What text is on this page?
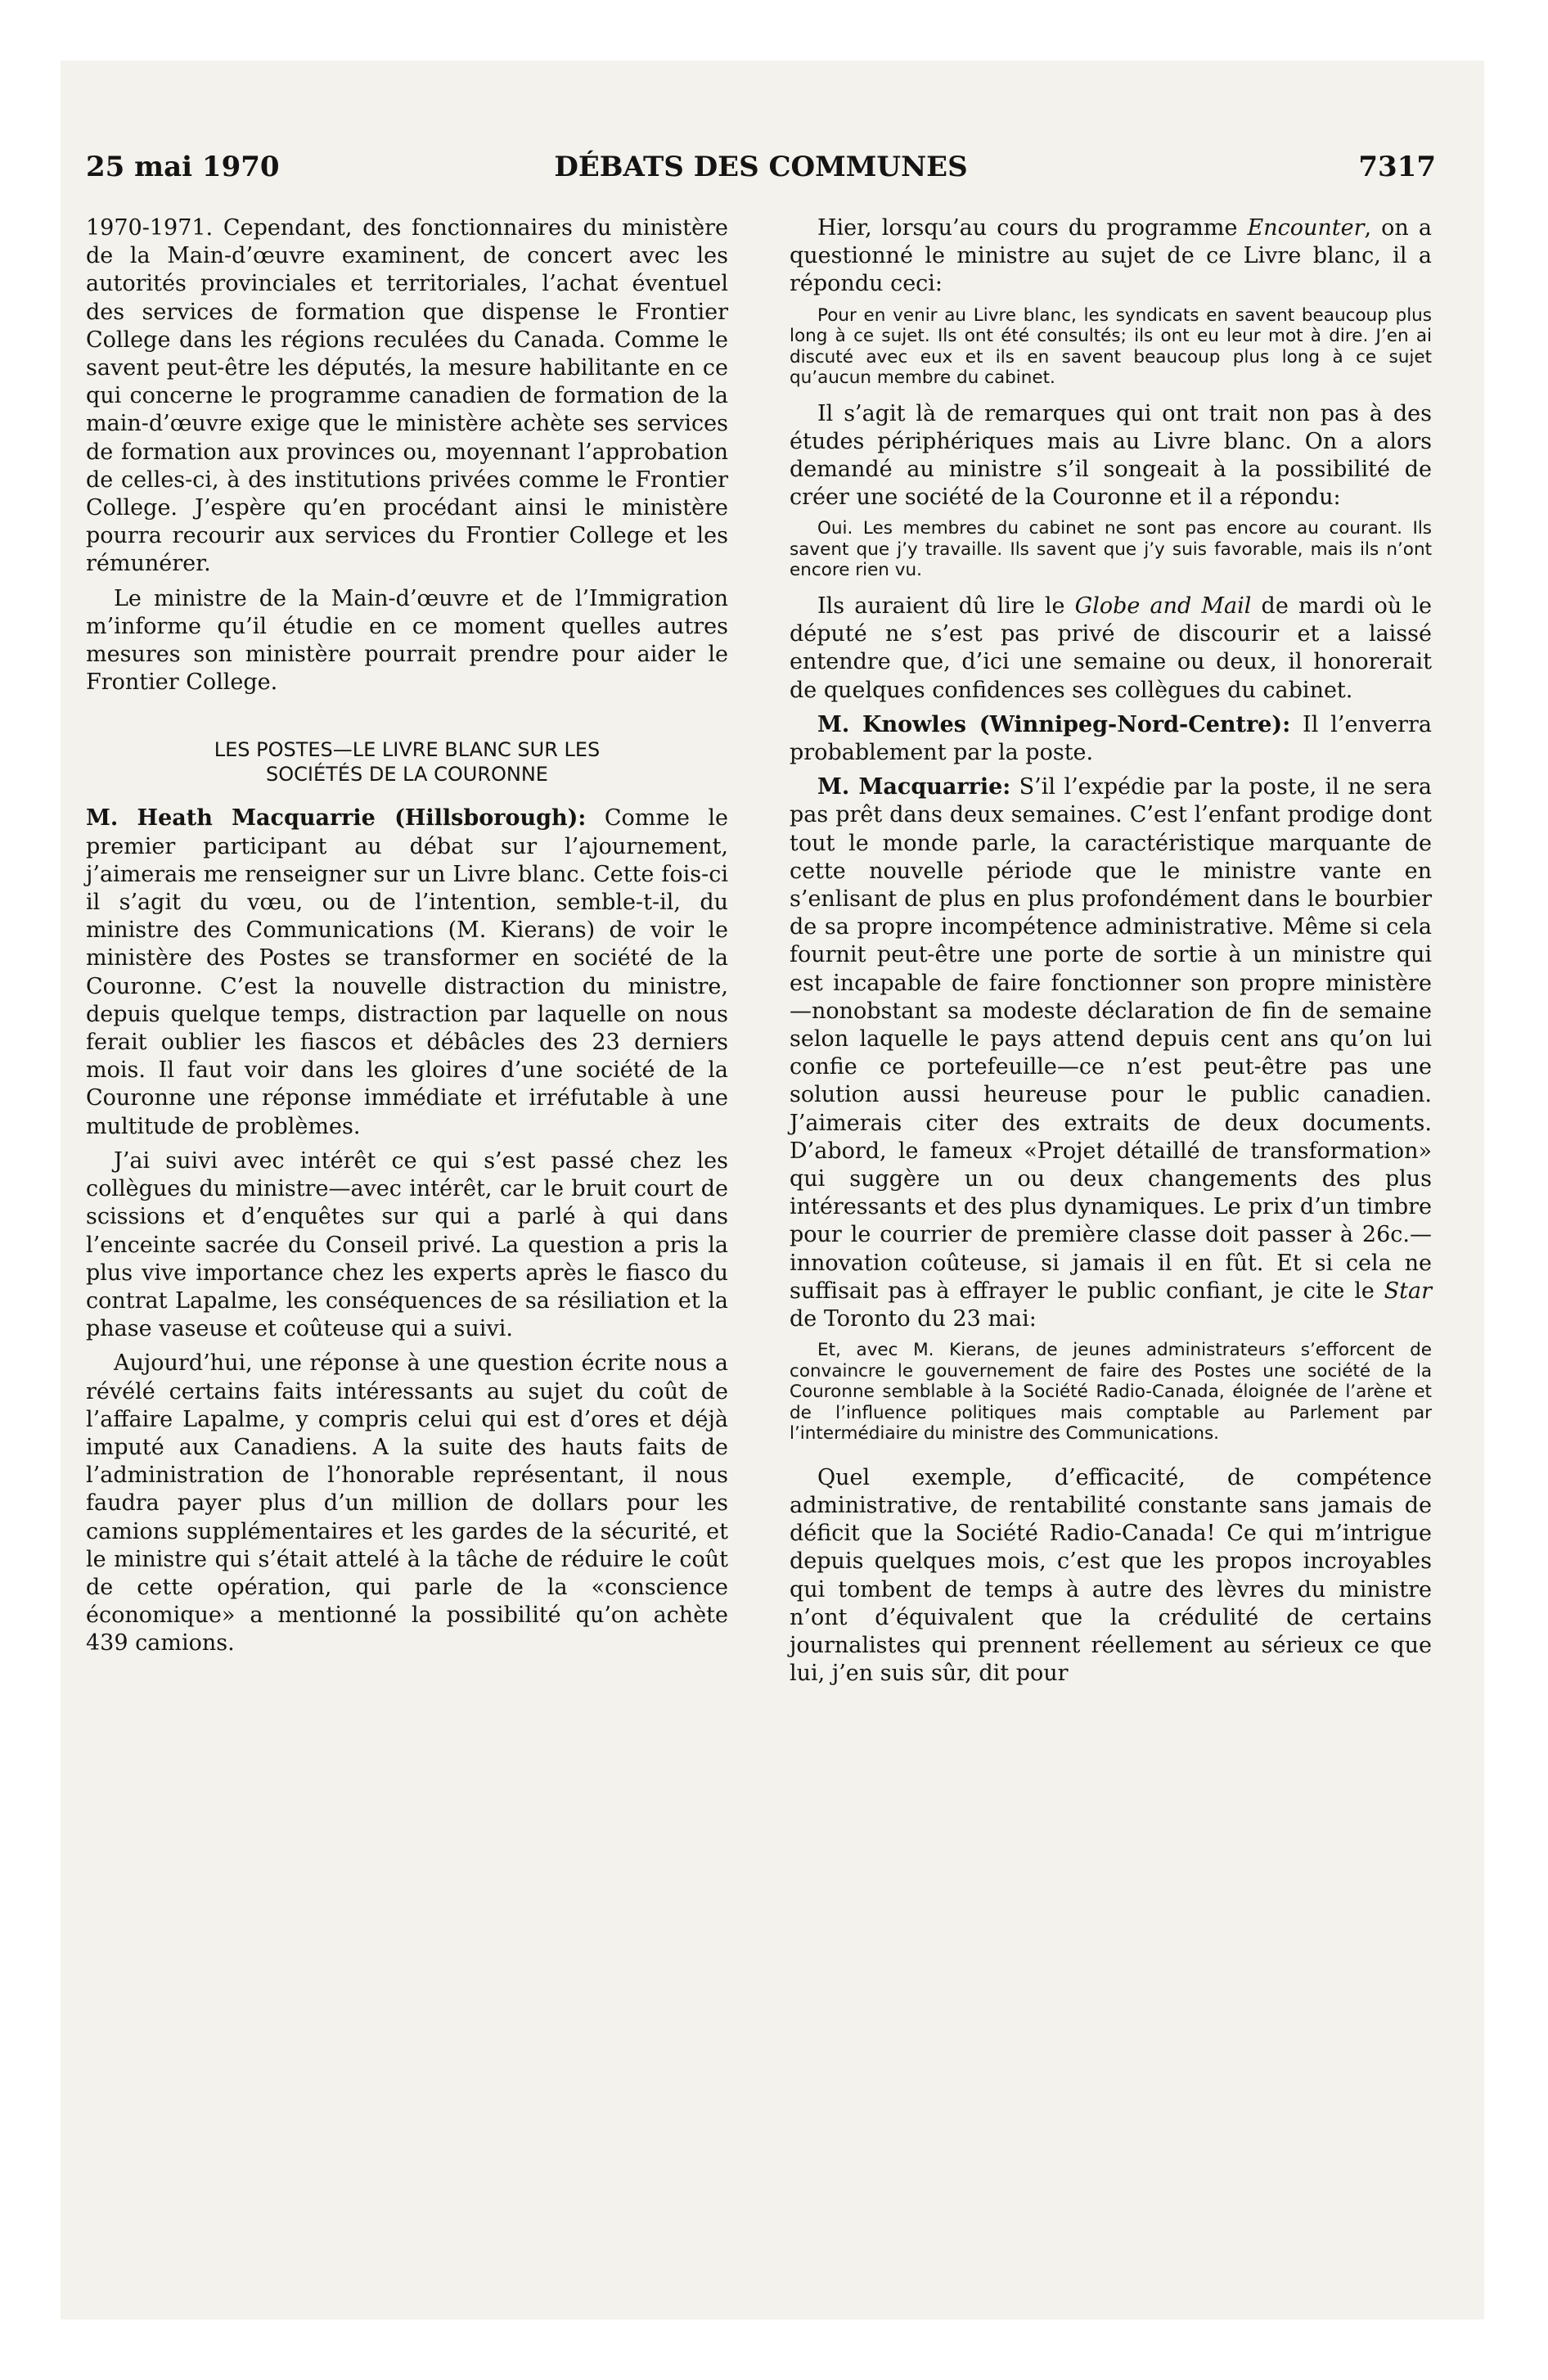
25 mai 1970	DÉBATS DES COMMUNES	7317

1970-1971. Cependant, des fonctionnaires du ministère de la Main-d’œuvre examinent, de concert avec les autorités provinciales et territoriales, l’achat éventuel des services de formation que dispense le Frontier College dans les régions reculées du Canada. Comme le savent peut-être les députés, la mesure habilitante en ce qui concerne le programme canadien de formation de la main-d’œuvre exige que le ministère achète ses services de formation aux provinces ou, moyennant l’approbation de celles-ci, à des institutions privées comme le Frontier College. J’espère qu’en procédant ainsi le ministère pourra recourir aux services du Frontier College et les rémunérer.

Le ministre de la Main-d’œuvre et de l’Immigration m’informe qu’il étudie en ce moment quelles autres mesures son ministère pourrait prendre pour aider le Frontier College.

LES POSTES—LE LIVRE BLANC SUR LES
SOCIÉTÉS DE LA COURONNE

M. Heath Macquarrie (Hillsborough): Comme le premier participant au débat sur l’ajournement, j’aimerais me renseigner sur un Livre blanc. Cette fois-ci il s’agit du vœu, ou de l’intention, semble-t-il, du ministre des Communications (M. Kierans) de voir le ministère des Postes se transformer en société de la Couronne. C’est la nouvelle distraction du ministre, depuis quelque temps, distraction par laquelle on nous ferait oublier les fiascos et débâcles des 23 derniers mois. Il faut voir dans les gloires d’une société de la Couronne une réponse immédiate et irréfutable à une multitude de problèmes.

J’ai suivi avec intérêt ce qui s’est passé chez les collègues du ministre—avec intérêt, car le bruit court de scissions et d’enquêtes sur qui a parlé à qui dans l’enceinte sacrée du Conseil privé. La question a pris la plus vive importance chez les experts après le fiasco du contrat Lapalme, les conséquences de sa résiliation et la phase vaseuse et coûteuse qui a suivi.

Aujourd’hui, une réponse à une question écrite nous a révélé certains faits intéressants au sujet du coût de l’affaire Lapalme, y compris celui qui est d’ores et déjà imputé aux Canadiens. A la suite des hauts faits de l’administration de l’honorable représentant, il nous faudra payer plus d’un million de dollars pour les camions supplémentaires et les gardes de la sécurité, et le ministre qui s’était attelé à la tâche de réduire le coût de cette opération, qui parle de la «conscience économique» a mentionné la possibilité qu’on achète 439 camions.

Hier, lorsqu’au cours du programme Encounter, on a questionné le ministre au sujet de ce Livre blanc, il a répondu ceci:

Pour en venir au Livre blanc, les syndicats en savent beaucoup plus long à ce sujet. Ils ont été consultés; ils ont eu leur mot à dire. J’en ai discuté avec eux et ils en savent beaucoup plus long à ce sujet qu’aucun membre du cabinet.

Il s’agit là de remarques qui ont trait non pas à des études périphériques mais au Livre blanc. On a alors demandé au ministre s’il songeait à la possibilité de créer une société de la Couronne et il a répondu:

Oui. Les membres du cabinet ne sont pas encore au courant. Ils savent que j’y travaille. Ils savent que j’y suis favorable, mais ils n’ont encore rien vu.

Ils auraient dû lire le Globe and Mail de mardi où le député ne s’est pas privé de discourir et a laissé entendre que, d’ici une semaine ou deux, il honorerait de quelques confidences ses collègues du cabinet.

M. Knowles (Winnipeg-Nord-Centre): Il l’enverra probablement par la poste.

M. Macquarrie: S’il l’expédie par la poste, il ne sera pas prêt dans deux semaines. C’est l’enfant prodige dont tout le monde parle, la caractéristique marquante de cette nouvelle période que le ministre vante en s’enlisant de plus en plus profondément dans le bourbier de sa propre incompétence administrative. Même si cela fournit peut-être une porte de sortie à un ministre qui est incapable de faire fonctionner son propre ministère—nonobstant sa modeste déclaration de fin de semaine selon laquelle le pays attend depuis cent ans qu’on lui confie ce portefeuille—ce n’est peut-être pas une solution aussi heureuse pour le public canadien. J’aimerais citer des extraits de deux documents. D’abord, le fameux «Projet détaillé de transformation» qui suggère un ou deux changements des plus intéressants et des plus dynamiques. Le prix d’un timbre pour le courrier de première classe doit passer à 26c.—innovation coûteuse, si jamais il en fût. Et si cela ne suffisait pas à effrayer le public confiant, je cite le Star de Toronto du 23 mai:

Et, avec M. Kierans, de jeunes administrateurs s’efforcent de convaincre le gouvernement de faire des Postes une société de la Couronne semblable à la Société Radio-Canada, éloignée de l’arène et de l’influence politiques mais comptable au Parlement par l’intermédiaire du ministre des Communications.

Quel exemple, d’efficacité, de compétence administrative, de rentabilité constante sans jamais de déficit que la Société Radio-Canada! Ce qui m’intrigue depuis quelques mois, c’est que les propos incroyables qui tombent de temps à autre des lèvres du ministre n’ont d’équivalent que la crédulité de certains journalistes qui prennent réellement au sérieux ce que lui, j’en suis sûr, dit pour
